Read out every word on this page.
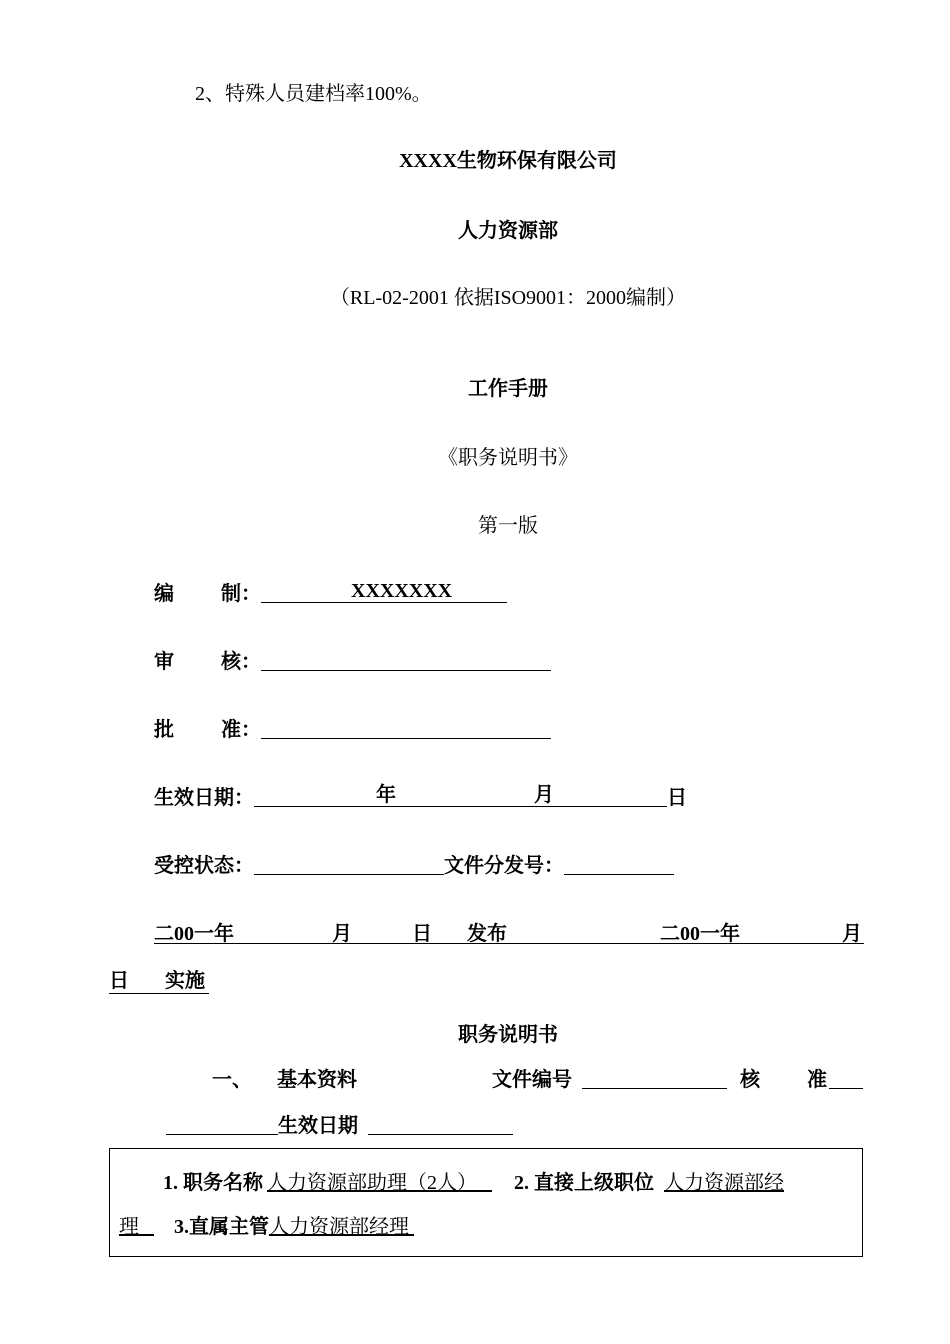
2、特殊人员建档率100%。
XXXX生物环保有限公司
人力资源部
（RL-02-2001 依据ISO9001：2000编制）
工作手册
《职务说明书》
第一版
编 制：	XXXXXXX
审 核：
批 准：
生效日期：	年	月	日
受控状态：	文件分发号：
二00一年	月	日 发布	二00一年	月
日 实施
职务说明书
一、 基本资料	文件编号	核 准
生效日期
1. 职务名称 人力资源部助理（2人） 2. 直接上级职位 人力资源部经
理 3.直属主管人力资源部经理
